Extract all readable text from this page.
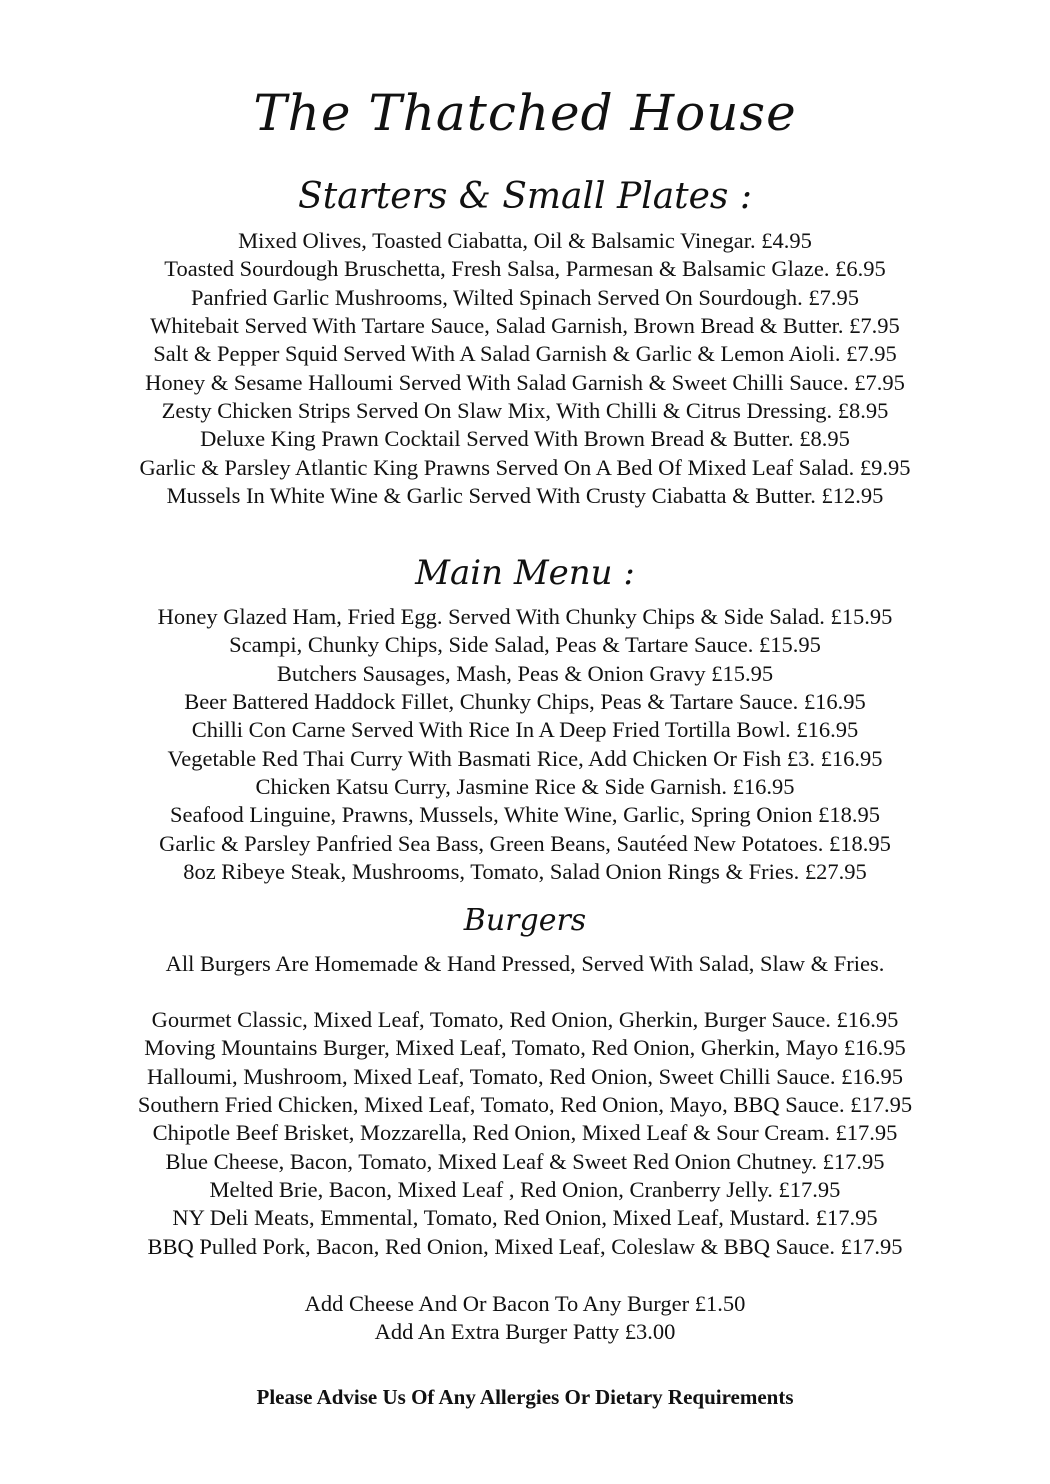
The Thatched House
Starters & Small Plates :
Mixed Olives, Toasted Ciabatta, Oil & Balsamic Vinegar. £4.95
Toasted Sourdough Bruschetta, Fresh Salsa, Parmesan & Balsamic Glaze. £6.95
Panfried Garlic Mushrooms, Wilted Spinach Served On Sourdough. £7.95
Whitebait Served With Tartare Sauce, Salad Garnish, Brown Bread & Butter. £7.95
Salt & Pepper Squid Served With A Salad Garnish & Garlic & Lemon Aioli. £7.95
Honey & Sesame Halloumi Served With Salad Garnish & Sweet Chilli Sauce. £7.95
Zesty Chicken Strips Served On Slaw Mix, With Chilli & Citrus Dressing. £8.95
Deluxe King Prawn Cocktail Served With Brown Bread & Butter. £8.95
Garlic & Parsley Atlantic King Prawns Served On A Bed Of Mixed Leaf Salad. £9.95
Mussels In White Wine & Garlic Served With Crusty Ciabatta & Butter. £12.95
Main Menu :
Honey Glazed Ham, Fried Egg. Served With Chunky Chips & Side Salad. £15.95
Scampi, Chunky Chips, Side Salad, Peas & Tartare Sauce. £15.95
Butchers Sausages, Mash, Peas & Onion Gravy £15.95
Beer Battered Haddock Fillet, Chunky Chips, Peas & Tartare Sauce. £16.95
Chilli Con Carne Served With Rice In A Deep Fried Tortilla Bowl. £16.95
Vegetable Red Thai Curry With Basmati Rice, Add Chicken Or Fish £3. £16.95
Chicken Katsu Curry, Jasmine Rice & Side Garnish. £16.95
Seafood Linguine, Prawns, Mussels, White Wine, Garlic, Spring Onion £18.95
Garlic & Parsley Panfried Sea Bass, Green Beans, Sautéed New Potatoes. £18.95
8oz Ribeye Steak, Mushrooms, Tomato, Salad Onion Rings & Fries. £27.95
Burgers
All Burgers Are Homemade & Hand Pressed, Served With Salad, Slaw & Fries.
Gourmet Classic, Mixed Leaf, Tomato, Red Onion, Gherkin, Burger Sauce. £16.95
Moving Mountains Burger, Mixed Leaf, Tomato, Red Onion, Gherkin, Mayo £16.95
Halloumi, Mushroom, Mixed Leaf, Tomato, Red Onion, Sweet Chilli Sauce. £16.95
Southern Fried Chicken, Mixed Leaf, Tomato, Red Onion, Mayo, BBQ Sauce. £17.95
Chipotle Beef Brisket, Mozzarella, Red Onion, Mixed Leaf & Sour Cream. £17.95
Blue Cheese, Bacon, Tomato, Mixed Leaf & Sweet Red Onion Chutney. £17.95
Melted Brie, Bacon, Mixed Leaf , Red Onion, Cranberry Jelly. £17.95
NY Deli Meats, Emmental, Tomato, Red Onion, Mixed Leaf, Mustard. £17.95
BBQ Pulled Pork, Bacon, Red Onion, Mixed Leaf, Coleslaw & BBQ Sauce. £17.95
Add Cheese And Or Bacon To Any Burger £1.50
Add An Extra Burger Patty £3.00
Please Advise Us Of Any Allergies Or Dietary Requirements
